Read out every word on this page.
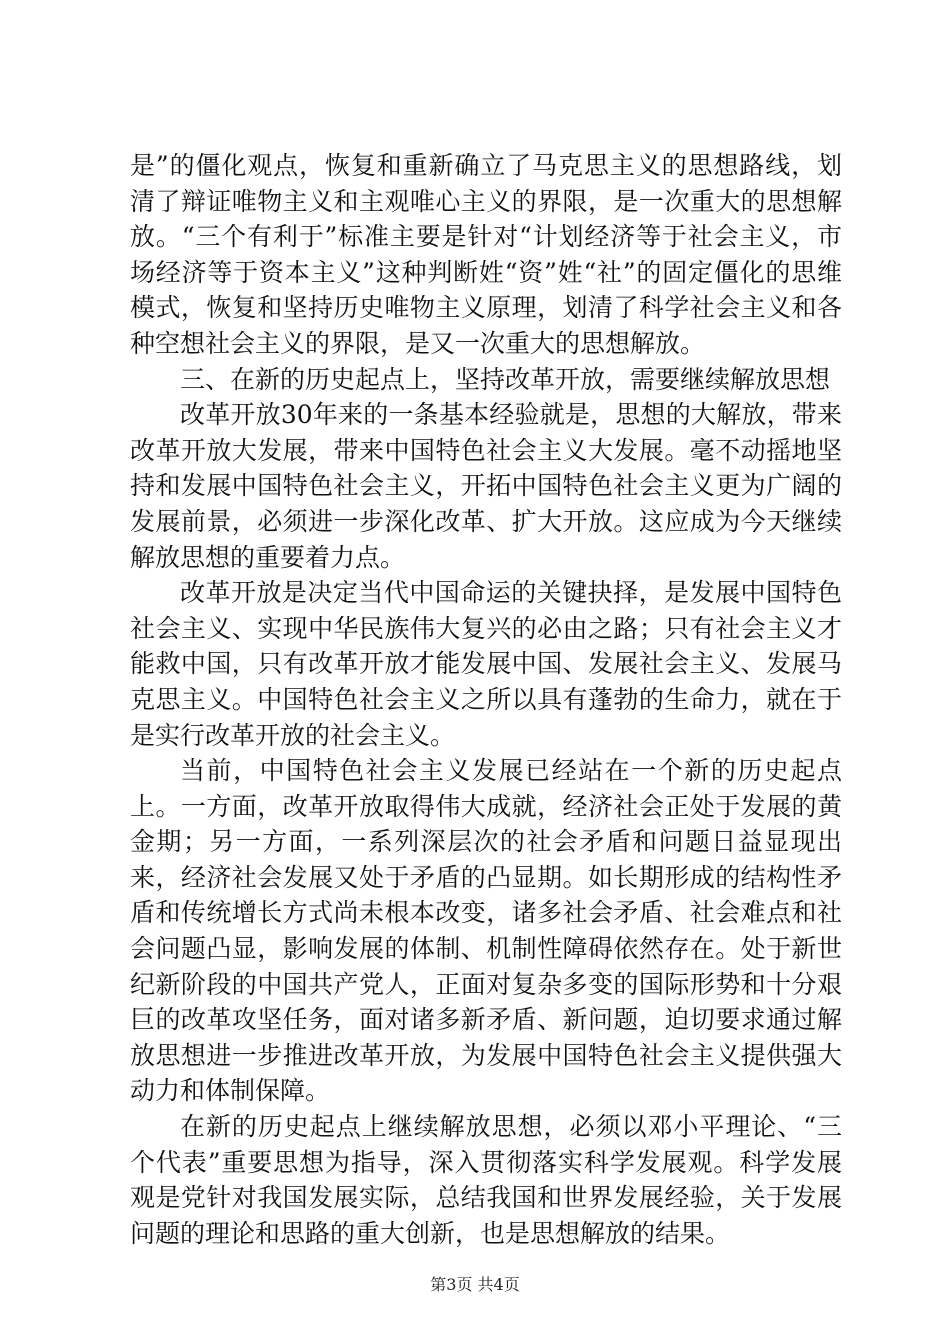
是”的僵化观点，恢复和重新确立了马克思主义的思想路线，划清了辩证唯物主义和主观唯心主义的界限，是一次重大的思想解放。“三个有利于”标准主要是针对“计划经济等于社会主义，市场经济等于资本主义”这种判断姓“资”姓“社”的固定僵化的思维模式，恢复和坚持历史唯物主义原理，划清了科学社会主义和各种空想社会主义的界限，是又一次重大的思想解放。

三、在新的历史起点上，坚持改革开放，需要继续解放思想

改革开放30年来的一条基本经验就是，思想的大解放，带来改革开放大发展，带来中国特色社会主义大发展。毫不动摇地坚持和发展中国特色社会主义，开拓中国特色社会主义更为广阔的发展前景，必须进一步深化改革、扩大开放。这应成为今天继续解放思想的重要着力点。

改革开放是决定当代中国命运的关键抉择，是发展中国特色社会主义、实现中华民族伟大复兴的必由之路；只有社会主义才能救中国，只有改革开放才能发展中国、发展社会主义、发展马克思主义。中国特色社会主义之所以具有蓬勃的生命力，就在于是实行改革开放的社会主义。

当前，中国特色社会主义发展已经站在一个新的历史起点上。一方面，改革开放取得伟大成就，经济社会正处于发展的黄金期；另一方面，一系列深层次的社会矛盾和问题日益显现出来，经济社会发展又处于矛盾的凸显期。如长期形成的结构性矛盾和传统增长方式尚未根本改变，诸多社会矛盾、社会难点和社会问题凸显，影响发展的体制、机制性障碍依然存在。处于新世纪新阶段的中国共产党人，正面对复杂多变的国际形势和十分艰巨的改革攻坚任务，面对诸多新矛盾、新问题，迫切要求通过解放思想进一步推进改革开放，为发展中国特色社会主义提供强大动力和体制保障。

在新的历史起点上继续解放思想，必须以邓小平理论、“三个代表”重要思想为指导，深入贯彻落实科学发展观。科学发展观是党针对我国发展实际，总结我国和世界发展经验，关于发展问题的理论和思路的重大创新，也是思想解放的结果。

第3页 共4页
